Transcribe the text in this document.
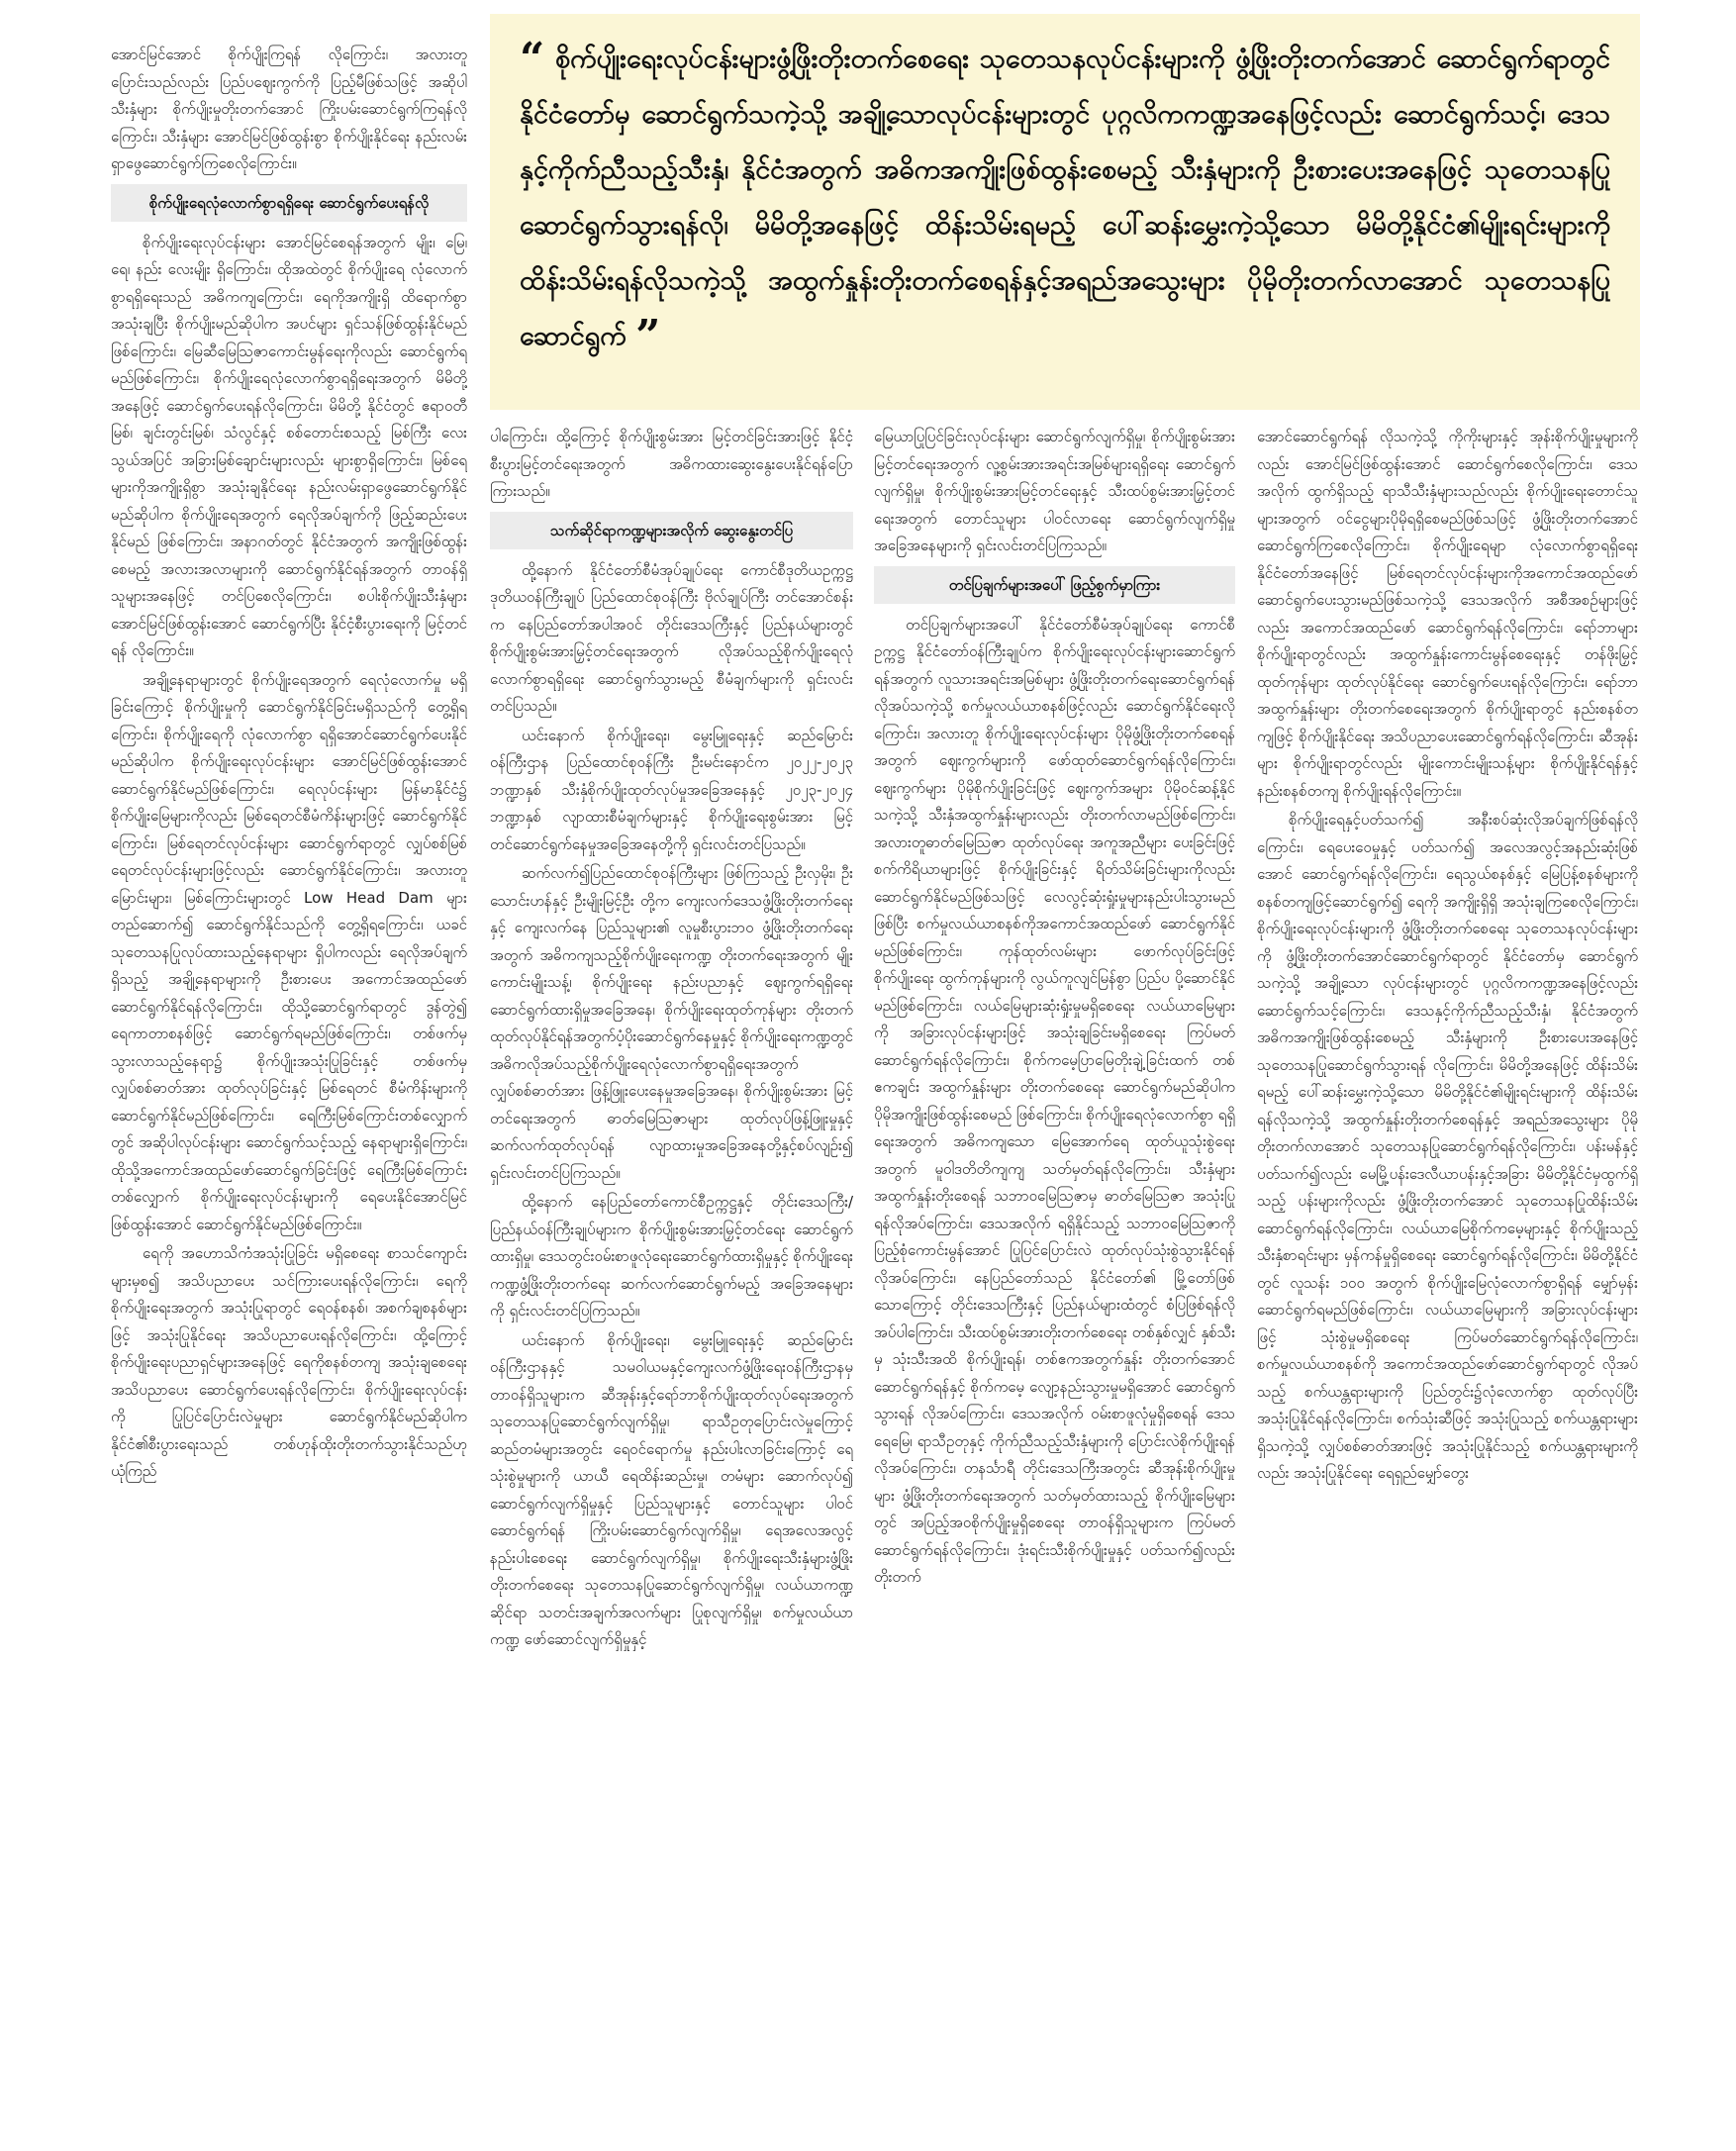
“ စိုက်ပျိုးရေးလုပ်ငန်းများဖွံ့ဖြိုးတိုးတက်စေရေး သုတေသနလုပ်ငန်းများကို ဖွံ့ဖြိုးတိုးတက်အောင် ဆောင်ရွက်ရာတွင် နိုင်ငံတော်မှ ဆောင်ရွက်သကဲ့သို့ အချို့သောလုပ်ငန်းများတွင် ပုဂ္ဂလိကကဏ္ဍအနေဖြင့်လည်း ဆောင်ရွက်သင့်၊ ဒေသနှင့်ကိုက်ညီသည့်သီးနှံ၊ နိုင်ငံအတွက် အဓိကအကျိုးဖြစ်ထွန်းစေမည့် သီးနှံများကို ဦးစားပေးအနေဖြင့် သုတေသနပြုဆောင်ရွက်သွားရန်လို၊ မိမိတို့အနေဖြင့် ထိန်းသိမ်းရမည့် ပေါ်ဆန်းမွှေးကဲ့သို့သော မိမိတို့နိုင်ငံ၏မျိုးရင်းများကို ထိန်းသိမ်းရန်လိုသကဲ့သို့ အထွက်နှုန်းတိုးတက်စေရန်နှင့်အရည်အသွေးများ ပိုမိုတိုးတက်လာအောင် သုတေသနပြုဆောင်ရွက် ”

အောင်မြင်အောင် စိုက်ပျိုးကြရန် လိုကြောင်း၊ အလားတူ ပြောင်းသည်လည်း ပြည်ပဈေးကွက်ကို ပြည့်မီဖြစ်သဖြင့် အဆိုပါသီးနှံများ စိုက်ပျိုးမှုတိုးတက်အောင် ကြိုးပမ်းဆောင်ရွက်ကြရန်လိုကြောင်း၊ သီးနှံများ အောင်မြင်ဖြစ်ထွန်းစွာ စိုက်ပျိုးနိုင်ရေး နည်းလမ်းရှာဖွေဆောင်ရွက်ကြစေလိုကြောင်း။

စိုက်ပျိုးရေလုံလောက်စွာရရှိရေး ဆောင်ရွက်ပေးရန်လို

စိုက်ပျိုးရေးလုပ်ငန်းများ အောင်မြင်စေရန်အတွက် မျိုး၊ မြေ၊ ရေ၊ နည်း လေးမျိုး ရှိကြောင်း၊ ထိုအထဲတွင် စိုက်ပျိုးရေ လုံလောက်စွာရရှိရေးသည် အဓိကကျကြောင်း၊ ရေကိုအကျိုးရှိ ထိရောက်စွာ အသုံးချပြီး စိုက်ပျိုးမည်ဆိုပါက အပင်များ ရှင်သန်ဖြစ်ထွန်းနိုင်မည်ဖြစ်ကြောင်း၊ မြေဆီမြေသြဇာကောင်းမွန်ရေးကိုလည်း ဆောင်ရွက်ရမည်ဖြစ်ကြောင်း၊ စိုက်ပျိုးရေလုံလောက်စွာရရှိရေးအတွက် မိမိတို့အနေဖြင့် ဆောင်ရွက်ပေးရန်လိုကြောင်း၊ မိမိတို့ နိုင်ငံတွင် ဧရာဝတီမြစ်၊ ချင်းတွင်းမြစ်၊ သံလွင်နှင့် စစ်တောင်းစသည့် မြစ်ကြီး လေးသွယ်အပြင် အခြားမြစ်ချောင်းများလည်း များစွာရှိကြောင်း၊ မြစ်ရေ များကိုအကျိုးရှိစွာ အသုံးချနိုင်ရေး နည်းလမ်းရှာဖွေဆောင်ရွက်နိုင်မည်ဆိုပါက စိုက်ပျိုးရေအတွက် ရေလိုအပ်ချက်ကို ဖြည့်ဆည်းပေးနိုင်မည် ဖြစ်ကြောင်း၊ အနာဂတ်တွင် နိုင်ငံအတွက် အကျိုးဖြစ်ထွန်းစေမည့် အလားအလာများကို ဆောင်ရွက်နိုင်ရန်အတွက် တာဝန်ရှိသူများအနေဖြင့် တင်ပြစေလိုကြောင်း၊ စပါးစိုက်ပျိုးသီးနှံများ အောင်မြင်ဖြစ်ထွန်းအောင် ဆောင်ရွက်ပြီး နိုင်ငံ့စီးပွားရေးကို မြင့်တင်ရန် လိုကြောင်း။

အချို့နေရာများတွင် စိုက်ပျိုးရေအတွက် ရေလုံလောက်မှု မရှိခြင်းကြောင့် စိုက်ပျိုးမှုကို ဆောင်ရွက်နိုင်ခြင်းမရှိသည်ကို တွေ့ရှိရကြောင်း၊ စိုက်ပျိုးရေကို လုံလောက်စွာ ရရှိအောင်ဆောင်ရွက်ပေးနိုင်မည်ဆိုပါက စိုက်ပျိုးရေးလုပ်ငန်းများ အောင်မြင်ဖြစ်ထွန်းအောင် ဆောင်ရွက်နိုင်မည်ဖြစ်ကြောင်း၊ ရေလုပ်ငန်းများ မြန်မာနိုင်ငံ၌ စိုက်ပျိုးမြေများကိုလည်း မြစ်ရေတင်စီမံကိန်းများဖြင့် ဆောင်ရွက်နိုင်ကြောင်း၊ မြစ်ရေတင်လုပ်ငန်းများ ဆောင်ရွက်ရာတွင် လျှပ်စစ်မြစ်ရေတင်လုပ်ငန်းများဖြင့်လည်း ဆောင်ရွက်နိုင်ကြောင်း၊ အလားတူ မြောင်းများ၊ မြစ်ကြောင်းများတွင် Low Head Dam များ တည်ဆောက်၍ ဆောင်ရွက်နိုင်သည်ကို တွေ့ရှိရကြောင်း၊ ယခင်သုတေသနပြုလုပ်ထားသည့်နေရာများ ရှိပါကလည်း ရေလိုအပ်ချက်ရှိသည့် အချို့နေရာများကို ဦးစားပေး အကောင်အထည်ဖော်ဆောင်ရွက်နိုင်ရန်လိုကြောင်း၊ ထိုသို့ဆောင်ရွက်ရာတွင် ဒွန်တွဲ၍ ရေကာတာစနစ်ဖြင့် ဆောင်ရွက်ရမည်ဖြစ်ကြောင်း၊ တစ်ဖက်မှ သွားလာသည့်နေရာ၌ စိုက်ပျိုးအသုံးပြုခြင်းနှင့် တစ်ဖက်မှ လျှပ်စစ်ဓာတ်အား ထုတ်လုပ်ခြင်းနှင့် မြစ်ရေတင် စီမံကိန်းများကို ဆောင်ရွက်နိုင်မည်ဖြစ်ကြောင်း၊ ရေကြီးမြစ်ကြောင်းတစ်လျှောက်တွင် အဆိုပါလုပ်ငန်းများ ဆောင်ရွက်သင့်သည့် နေရာများရှိကြောင်း၊ ထိုသို့အကောင်အထည်ဖော်ဆောင်ရွက်ခြင်းဖြင့် ရေကြီးမြစ်ကြောင်းတစ်လျှောက် စိုက်ပျိုးရေးလုပ်ငန်းများကို ရေပေးနိုင်အောင်မြင်ဖြစ်ထွန်းအောင် ဆောင်ရွက်နိုင်မည်ဖြစ်ကြောင်း။

ရေကို အဟောသိကံအသုံးပြုခြင်း မရှိစေရေး စာသင်ကျောင်းများမှစ၍ အသိပညာပေး သင်ကြားပေးရန်လိုကြောင်း၊ ရေကိုစိုက်ပျိုးရေးအတွက် အသုံးပြုရာတွင် ရေဝန်စနစ်၊ အစက်ချစနစ်များဖြင့် အသုံးပြုနိုင်ရေး အသိပညာပေးရန်လိုကြောင်း၊ ထို့ကြောင့် စိုက်ပျိုးရေးပညာရှင်များအနေဖြင့် ရေကိုစနစ်တကျ အသုံးချစေရေး အသိပညာပေး ဆောင်ရွက်ပေးရန်လိုကြောင်း၊ စိုက်ပျိုးရေးလုပ်ငန်းကို ပြုပြင်ပြောင်းလဲမှုများ ဆောင်ရွက်နိုင်မည်ဆိုပါက နိုင်ငံ၏စီးပွားရေးသည် တစ်ဟုန်ထိုးတိုးတက်သွားနိုင်သည်ဟု ယုံကြည်

ပါကြောင်း၊ ထို့ကြောင့် စိုက်ပျိုးစွမ်းအား မြင့်တင်ခြင်းအားဖြင့် နိုင်ငံ့စီးပွားမြင့်တင်ရေးအတွက် အဓိကထားဆွေးနွေးပေးနိုင်ရန်ပြောကြားသည်။

သက်ဆိုင်ရာကဏ္ဍများအလိုက် ဆွေးနွေးတင်ပြ

ထို့နောက် နိုင်ငံတော်စီမံအုပ်ချုပ်ရေး ကောင်စီဒုတိယဥက္ကဋ္ဌ ဒုတိယဝန်ကြီးချုပ် ပြည်ထောင်စုဝန်ကြီး ဗိုလ်ချုပ်ကြီး တင်အောင်စန်းက နေပြည်တော်အပါအဝင် တိုင်းဒေသကြီးနှင့် ပြည်နယ်များတွင် စိုက်ပျိုးစွမ်းအားမြှင့်တင်ရေးအတွက် လိုအပ်သည့်စိုက်ပျိုးရေလုံလောက်စွာရရှိရေး ဆောင်ရွက်သွားမည့် စီမံချက်များကို ရှင်းလင်းတင်ပြသည်။

ယင်းနောက် စိုက်ပျိုးရေး၊ မွေးမြူရေးနှင့် ဆည်မြောင်းဝန်ကြီးဌာန ပြည်ထောင်စုဝန်ကြီး ဦးမင်းနောင်က ၂၀၂၂-၂၀၂၃ ဘဏ္ဍာနှစ် သီးနှံစိုက်ပျိုးထုတ်လုပ်မှုအခြေအနေနှင့် ၂၀၂၃-၂၀၂၄ ဘဏ္ဍာနှစ် လျာထားစီမံချက်များနှင့် စိုက်ပျိုးရေးစွမ်းအား မြင့်တင်ဆောင်ရွက်နေမှုအခြေအနေတို့ကို ရှင်းလင်းတင်ပြသည်။

ဆက်လက်၍ပြည်ထောင်စုဝန်ကြီးများ ဖြစ်ကြသည့် ဦးလှမိုး၊ ဦးသောင်းဟန်နှင့် ဦးမျိုးမြင့်ဦး တို့က ကျေးလက်ဒေသဖွံ့ဖြိုးတိုးတက်ရေးနှင့် ကျေးလက်နေ ပြည်သူများ၏ လူမှုစီးပွားဘဝ ဖွံ့ဖြိုးတိုးတက်ရေးအတွက် အဓိကကျသည့်စိုက်ပျိုးရေးကဏ္ဍ တိုးတက်ရေးအတွက် မျိုးကောင်းမျိုးသန့်၊ စိုက်ပျိုးရေး နည်းပညာနှင့် ဈေးကွက်ရရှိရေး ဆောင်ရွက်ထားရှိမှုအခြေအနေ၊ စိုက်ပျိုးရေးထုတ်ကုန်များ တိုးတက်ထုတ်လုပ်နိုင်ရန်အတွက်ပံ့ပိုးဆောင်ရွက်နေမှုနှင့် စိုက်ပျိုးရေးကဏ္ဍတွင် အဓိကလိုအပ်သည့်စိုက်ပျိုးရေလုံလောက်စွာရရှိရေးအတွက် လျှပ်စစ်ဓာတ်အား ဖြန့်ဖြူးပေးနေမှုအခြေအနေ၊ စိုက်ပျိုးစွမ်းအား မြင့်တင်ရေးအတွက် ဓာတ်မြေဩဇာများ ထုတ်လုပ်ဖြန့်ဖြူးမှုနှင့် ဆက်လက်ထုတ်လုပ်ရန် လျာထားမှုအခြေအနေတို့နှင့်စပ်လျဉ်း၍ ရှင်းလင်းတင်ပြကြသည်။

ထို့နောက် နေပြည်တော်ကောင်စီဥက္ကဋ္ဌနှင့် တိုင်းဒေသကြီး/ပြည်နယ်ဝန်ကြီးချုပ်များက စိုက်ပျိုးစွမ်းအားမြှင့်တင်ရေး ဆောင်ရွက်ထားရှိမှု၊ ဒေသတွင်းဝမ်းစာဖူလုံရေးဆောင်ရွက်ထားရှိမှုနှင့် စိုက်ပျိုးရေးကဏ္ဍဖွံ့ဖြိုးတိုးတက်ရေး ဆက်လက်ဆောင်ရွက်မည့် အခြေအနေများကို ရှင်းလင်းတင်ပြကြသည်။

ယင်းနောက် စိုက်ပျိုးရေး၊ မွေးမြူရေးနှင့် ဆည်မြောင်းဝန်ကြီးဌာနနှင့် သမဝါယမနှင့်ကျေးလက်ဖွံ့ဖြိုးရေးဝန်ကြီးဌာနမှ တာဝန်ရှိသူများက ဆီအုန်းနှင့်ရော်ဘာစိုက်ပျိုးထုတ်လုပ်ရေးအတွက်သုတေသနပြုဆောင်ရွက်လျက်ရှိမှု၊ ရာသီဥတုပြောင်းလဲမှုကြောင့် ဆည်တမံများအတွင်း ရေဝင်ရောက်မှု နည်းပါးလာခြင်းကြောင့် ရေသုံးစွဲမှုများကို ယာယီ ရေထိန်းဆည်းမှု၊ တမံများ ဆောက်လုပ်၍ ဆောင်ရွက်လျက်ရှိမှုနှင့် ပြည်သူများနှင့် တောင်သူများ ပါဝင်ဆောင်ရွက်ရန် ကြိုးပမ်းဆောင်ရွက်လျက်ရှိမှု၊ ရေအလေအလွင့်နည်းပါးစေရေး ဆောင်ရွက်လျက်ရှိမှု၊ စိုက်ပျိုးရေးသီးနှံများဖွံ့ဖြိုးတိုးတက်စေရေး သုတေသနပြုဆောင်ရွက်လျက်ရှိမှု၊ လယ်ယာကဏ္ဍဆိုင်ရာ သတင်းအချက်အလက်များ ပြုစုလျက်ရှိမှု၊ စက်မှုလယ်ယာကဏ္ဍ ဖော်ဆောင်လျက်ရှိမှုနှင့်

မြေယာပြုပြင်ခြင်းလုပ်ငန်းများ ဆောင်ရွက်လျက်ရှိမှု၊ စိုက်ပျိုးစွမ်းအားမြင့်တင်ရေးအတွက် လူ့စွမ်းအားအရင်းအမြစ်များရရှိရေး ဆောင်ရွက်လျက်ရှိမှု၊ စိုက်ပျိုးစွမ်းအားမြင့်တင်ရေးနှင့် သီးထပ်စွမ်းအားမြှင့်တင်ရေးအတွက် တောင်သူများ ပါဝင်လာရေး ဆောင်ရွက်လျက်ရှိမှုအခြေအနေများကို ရှင်းလင်းတင်ပြကြသည်။

တင်ပြချက်များအပေါ် ဖြည့်စွက်မှာကြား

တင်ပြချက်များအပေါ် နိုင်ငံတော်စီမံအုပ်ချုပ်ရေး ကောင်စီဥက္ကဋ္ဌ နိုင်ငံတော်ဝန်ကြီးချုပ်က စိုက်ပျိုးရေးလုပ်ငန်းများဆောင်ရွက်ရန်အတွက် လူသားအရင်းအမြစ်များ ဖွံ့ဖြိုးတိုးတက်ရေးဆောင်ရွက်ရန် လိုအပ်သကဲ့သို့ စက်မှုလယ်ယာစနစ်ဖြင့်လည်း ဆောင်ရွက်နိုင်ရေးလိုကြောင်း၊ အလားတူ စိုက်ပျိုးရေးလုပ်ငန်းများ ပိုမိုဖွံ့ဖြိုးတိုးတက်စေရန်အတွက် ဈေးကွက်များကို ဖော်ထုတ်ဆောင်ရွက်ရန်လိုကြောင်း၊ ဈေးကွက်များ ပိုမိုစိုက်ပျိုးခြင်းဖြင့် ဈေးကွက်အများ ပိုမိုဝင်ဆန့်နိုင်သကဲ့သို့ သီးနှံအထွက်နှုန်းများလည်း တိုးတက်လာမည်ဖြစ်ကြောင်း၊ အလားတူဓာတ်မြေဩဇာ ထုတ်လုပ်ရေး အကူအညီများ ပေးခြင်းဖြင့် စက်ကိရိယာများဖြင့် စိုက်ပျိုးခြင်းနှင့် ရိတ်သိမ်းခြင်းများကိုလည်း ဆောင်ရွက်နိုင်မည်ဖြစ်သဖြင့် လေလွင့်ဆုံးရှုံးမှုများနည်းပါးသွားမည်ဖြစ်ပြီး စက်မှုလယ်ယာစနစ်ကိုအကောင်အထည်ဖော် ဆောင်ရွက်နိုင်မည်ဖြစ်ကြောင်း၊ ကုန်ထုတ်လမ်းများ ဖောက်လုပ်ခြင်းဖြင့် စိုက်ပျိုးရေး ထွက်ကုန်များကို လွယ်ကူလျင်မြန်စွာ ပြည်ပ ပို့ဆောင်နိုင်မည်ဖြစ်ကြောင်း၊ လယ်မြေများဆုံးရှုံးမှုမရှိစေရေး လယ်ယာမြေများကို အခြားလုပ်ငန်းများဖြင့် အသုံးချခြင်းမရှိစေရေး ကြပ်မတ်ဆောင်ရွက်ရန်လိုကြောင်း၊ စိုက်ကမေ့ပြာမြေတိုးချဲ့ခြင်းထက် တစ်ဧကချင်း အထွက်နှုန်းများ တိုးတက်စေရေး ဆောင်ရွက်မည်ဆိုပါက ပိုမိုအကျိုးဖြစ်ထွန်းစေမည် ဖြစ်ကြောင်း၊ စိုက်ပျိုးရေလုံလောက်စွာ ရရှိရေးအတွက် အဓိကကျသော မြေအောက်ရေ ထုတ်ယူသုံးစွဲရေးအတွက် မူဝါဒတိတိကျကျ သတ်မှတ်ရန်လိုကြောင်း၊ သီးနှံများ အထွက်နှုန်းတိုးစေရန် သဘာဝမြေဩဇာမှ ဓာတ်မြေဩဇာ အသုံးပြုရန်လိုအပ်ကြောင်း၊ ဒေသအလိုက် ရရှိနိုင်သည့် သဘာဝမြေဩဇာကို ပြည့်စုံကောင်းမွန်အောင် ပြုပြင်ပြောင်းလဲ ထုတ်လုပ်သုံးစွဲသွားနိုင်ရန် လိုအပ်ကြောင်း၊ နေပြည်တော်သည် နိုင်ငံတော်၏ မြို့တော်ဖြစ်သောကြောင့် တိုင်းဒေသကြီးနှင့် ပြည်နယ်များထံတွင် စံပြဖြစ်ရန်လိုအပ်ပါကြောင်း၊ သီးထပ်စွမ်းအားတိုးတက်စေရေး တစ်နှစ်လျှင် နှစ်သီးမှ သုံးသီးအထိ စိုက်ပျိုးရန်၊ တစ်ဧကအတွက်နှုန်း တိုးတက်အောင်ဆောင်ရွက်ရန်နှင့် စိုက်ကမေ့ လျော့နည်းသွားမှုမရှိအောင် ဆောင်ရွက်သွားရန် လိုအပ်ကြောင်း၊ ဒေသအလိုက် ဝမ်းစာဖူလုံမှုရှိစေရန် ဒေသရေမြေ၊ ရာသီဥတုနှင့် ကိုက်ညီသည့်သီးနှံများကို ပြောင်းလဲစိုက်ပျိုးရန် လိုအပ်ကြောင်း၊ တနင်္သာရီ တိုင်းဒေသကြီးအတွင်း ဆီအုန်းစိုက်ပျိုးမှုများ ဖွံ့ဖြိုးတိုးတက်ရေးအတွက် သတ်မှတ်ထားသည့် စိုက်ပျိုးမြေများတွင် အပြည့်အဝစိုက်ပျိုးမှုရှိစေရေး တာဝန်ရှိသူများက ကြပ်မတ်ဆောင်ရွက်ရန်လိုကြောင်း၊ ဒုံးရင်းသီးစိုက်ပျိုးမှုနှင့် ပတ်သက်၍လည်း တိုးတက်

အောင်ဆောင်ရွက်ရန် လိုသကဲ့သို့ ကိုကိုးများနှင့် အုန်းစိုက်ပျိုးမှုများကိုလည်း အောင်မြင်ဖြစ်ထွန်းအောင် ဆောင်ရွက်စေလိုကြောင်း၊ ဒေသအလိုက် ထွက်ရှိသည့် ရာသီသီးနှံများသည်လည်း စိုက်ပျိုးရေးတောင်သူများအတွက် ဝင်ငွေများပိုမိုရရှိစေမည်ဖြစ်သဖြင့် ဖွံ့ဖြိုးတိုးတက်အောင် ဆောင်ရွက်ကြစေလိုကြောင်း၊ စိုက်ပျိုးရေမျာ လုံလောက်စွာရရှိရေး နိုင်ငံတော်အနေဖြင့် မြစ်ရေတင်လုပ်ငန်းများကိုအကောင်အထည်ဖော် ဆောင်ရွက်ပေးသွားမည်ဖြစ်သကဲ့သို့ ဒေသအလိုက် အစီအစဉ်များဖြင့်လည်း အကောင်အထည်ဖော် ဆောင်ရွက်ရန်လိုကြောင်း၊ ရော်ဘာများ စိုက်ပျိုးရာတွင်လည်း အထွက်နှုန်းကောင်းမွန်စေရေးနှင့် တန်ဖိုးမြှင့်ထုတ်ကုန်များ ထုတ်လုပ်နိုင်ရေး ဆောင်ရွက်ပေးရန်လိုကြောင်း၊ ရော်ဘာအထွက်နှုန်းများ တိုးတက်စေရေးအတွက် စိုက်ပျိုးရာတွင် နည်းစနစ်တကျဖြင့် စိုက်ပျိုးနိုင်ရေး အသိပညာပေးဆောင်ရွက်ရန်လိုကြောင်း၊ ဆီအုန်းများ စိုက်ပျိုးရာတွင်လည်း မျိုးကောင်းမျိုးသန့်များ စိုက်ပျိုးနိုင်ရန်နှင့် နည်းစနစ်တကျ စိုက်ပျိုးရန်လိုကြောင်း။

စိုက်ပျိုးရေနှင့်ပတ်သက်၍ အနီးစပ်ဆုံးလိုအပ်ချက်ဖြစ်ရန်လိုကြောင်း၊ ရေပေးဝေမှုနှင့် ပတ်သက်၍ အလေအလွင့်အနည်းဆုံးဖြစ်အောင် ဆောင်ရွက်ရန်လိုကြောင်း၊ ရေသွယ်စနစ်နှင့် မြေပြန့်စနစ်များကိုစနစ်တကျဖြင့်ဆောင်ရွက်၍ ရေကို အကျိုးရှိရှိ အသုံးချကြစေလိုကြောင်း၊ စိုက်ပျိုးရေးလုပ်ငန်းများကို ဖွံ့ဖြိုးတိုးတက်စေရေး သုတေသနလုပ်ငန်းများကို ဖွံ့ဖြိုးတိုးတက်အောင်ဆောင်ရွက်ရာတွင် နိုင်ငံတော်မှ ဆောင်ရွက်သကဲ့သို့ အချို့သော လုပ်ငန်းများတွင် ပုဂ္ဂလိကကဏ္ဍအနေဖြင့်လည်း ဆောင်ရွက်သင့်ကြောင်း၊ ဒေသနှင့်ကိုက်ညီသည့်သီးနှံ၊ နိုင်ငံအတွက် အဓိကအကျိုးဖြစ်ထွန်းစေမည့် သီးနှံများကို ဦးစားပေးအနေဖြင့် သုတေသနပြုဆောင်ရွက်သွားရန် လိုကြောင်း၊ မိမိတို့အနေဖြင့် ထိန်းသိမ်းရမည့် ပေါ်ဆန်းမွှေးကဲ့သို့သော မိမိတို့နိုင်ငံ၏မျိုးရင်းများကို ထိန်းသိမ်းရန်လိုသကဲ့သို့ အထွက်နှုန်းတိုးတက်စေရန်နှင့် အရည်အသွေးများ ပိုမိုတိုးတက်လာအောင် သုတေသနပြုဆောင်ရွက်ရန်လိုကြောင်း၊ ပန်းမန်နှင့် ပတ်သက်၍လည်း မေမြို့ပန်းဒေလီယာပန်းနှင့်အခြား မိမိတို့နိုင်ငံမှထွက်ရှိသည့် ပန်းများကိုလည်း ဖွံ့ဖြိုးတိုးတက်အောင် သုတေသနပြုထိန်းသိမ်းဆောင်ရွက်ရန်လိုကြောင်း၊ လယ်ယာမြေစိုက်ကမေ့များနှင့် စိုက်ပျိုးသည့် သီးနှံစာရင်းများ မှန်ကန်မှုရှိစေရေး ဆောင်ရွက်ရန်လိုကြောင်း၊ မိမိတို့နိုင်ငံတွင် လူသန်း ၁၀၀ အတွက် စိုက်ပျိုးမြေလုံလောက်စွာရှိရန် မျှော်မှန်းဆောင်ရွက်ရမည်ဖြစ်ကြောင်း၊ လယ်ယာမြေများကို အခြားလုပ်ငန်းများဖြင့် သုံးစွဲမှုမရှိစေရေး ကြပ်မတ်ဆောင်ရွက်ရန်လိုကြောင်း၊ စက်မှုလယ်ယာစနစ်ကို အကောင်အထည်ဖော်ဆောင်ရွက်ရာတွင် လိုအပ်သည့် စက်ယန္တရားများကို ပြည်တွင်း၌လုံလောက်စွာ ထုတ်လုပ်ပြီး အသုံးပြုနိုင်ရန်လိုကြောင်း၊ စက်သုံးဆီဖြင့် အသုံးပြုသည့် စက်ယန္တရားများရှိသကဲ့သို့ လျှပ်စစ်ဓာတ်အားဖြင့် အသုံးပြုနိုင်သည့် စက်ယန္တရားများကိုလည်း အသုံးပြုနိုင်ရေး ရေရှည်မျှော်တွေး
